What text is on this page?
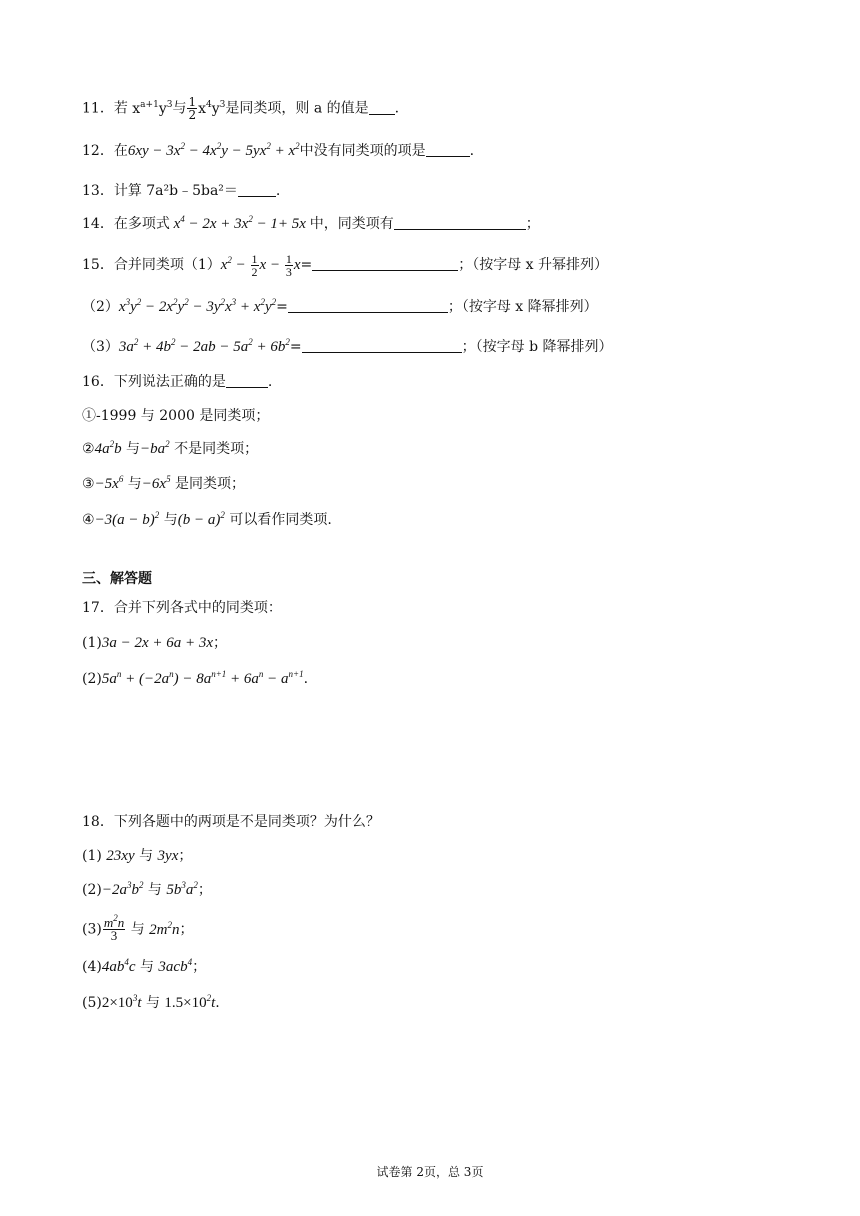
11．若 $x^{a+1}y^3$与 $\frac{1}{2} x^4y^3$是同类项，则 a 的值是 .
12．在$6xy - 3x^2 - 4x^2y - 5yx^2 + x^2$中没有同类项的项是	.
13．计算 7a²b﹣5ba²＝	.
14．在多项式 $x^4 - 2x + 3x^2 - 1+ 5x$ 中，同类项有	；
15．合并同类项$(1)x^2 - \frac{1}{2}$ $x - \frac{1}{3} x=$	；（按字母 x 升幂排列）
$(2)x^3y^2 - 2x^2y^2 - 3y^2x^3 + x^2y^2=$	；（按字母 x 降幂排列）
$(3)3a^2 + 4b^2 - 2ab - 5a^2 + 6b^2=$	；（按字母 b 降幂排列）
16．下列说法正确的是	.
①-1999 与 2000 是同类项；
$②4a^2b$ 与$-ba^2$ 不是同类项；
$③-5x^6$ 与$-6x^5$ 是同类项；
④−3(a − b)$^2$ 与$(b - a)^2$ 可以看作同类项.
三、解答题
17．合并下列各式中的同类项：
(1)3a − 2x + 6a + 3x；
$(2)5a^n + (-2a^n) - 8a^{n+1} + 6a^n - a^{n+1}$.
18．下列各题中的两项是不是同类项？为什么？
(1) 23xy 与 3yx；
$(2)-2a^3b^2$ 与 $5b^3a^2$；
$(3) \frac{m^2n}{3}$ 与 $2m^2n$；
$(4)4ab^4c$ 与 3acb$^4$；
$(5)2\times 10^3t$ 与 $1.5\times 10^2t$.
试卷第 2页，总 3页
